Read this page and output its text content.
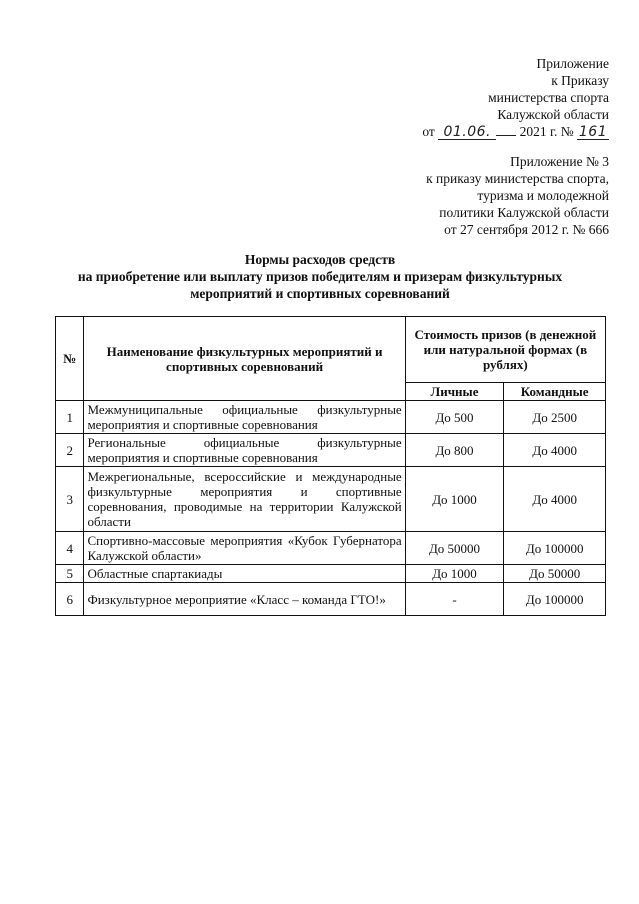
Приложение
к Приказу
министерства спорта
Калужской области
от 01.06. 2021 г. № 161
Приложение № 3
к приказу министерства спорта,
туризма и молодежной
политики Калужской области
от 27 сентября 2012 г. № 666
Нормы расходов средств
на приобретение или выплату призов победителям и призерам физкультурных
мероприятий и спортивных соревнований
№	Наименование физкультурных мероприятий и спортивных соревнований	Стоимость призов (в денежной или натуральной формах (в рублях)	
		Личные	Командные
1	Межмуниципальные официальные физкультурные мероприятия и спортивные соревнования	До 500	До 2500
2	Региональные официальные физкультурные мероприятия и спортивные соревнования	До 800	До 4000
3	Межрегиональные, всероссийские и международные физкультурные мероприятия и спортивные соревнования, проводимые на территории Калужской области	До 1000	До 4000
4	Спортивно-массовые мероприятия «Кубок Губернатора Калужской области»	До 50000	До 100000
5	Областные спартакиады	До 1000	До 50000
6	Физкультурное мероприятие «Класс – команда ГТО!»	-	До 100000
